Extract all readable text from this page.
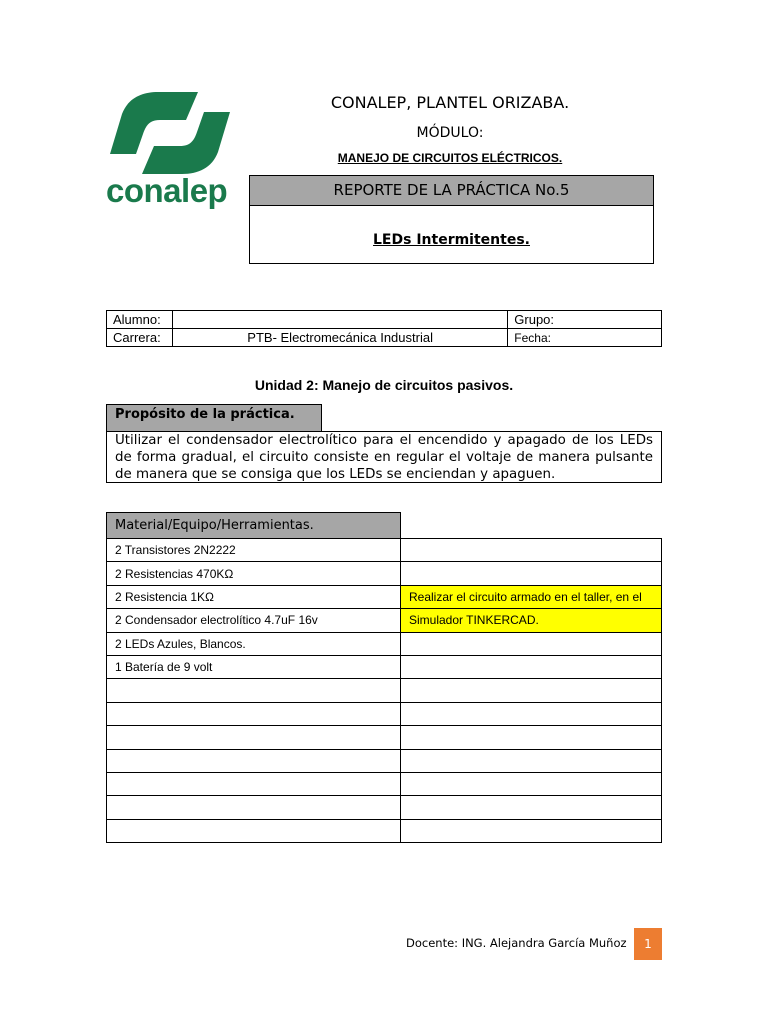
conalep
CONALEP, PLANTEL ORIZABA.
MÓDULO:
MANEJO DE CIRCUITOS ELÉCTRICOS.
REPORTE DE LA PRÁCTICA No.5
LEDs Intermitentes.
Alumno:		Grupo:
Carrera:	PTB- Electromecánica Industrial	Fecha:
Unidad 2: Manejo de circuitos pasivos.
Propósito de la práctica.
Utilizar el condensador electrolítico para el encendido y apagado de los LEDs de forma gradual, el circuito consiste en regular el voltaje de manera pulsante de manera que se consiga que los LEDs se enciendan y apaguen.
Material/Equipo/Herramientas.	
2 Transistores 2N2222	
2 Resistencias 470KΩ	
2 Resistencia 1KΩ	Realizar el circuito armado en el taller, en el
2 Condensador electrolítico 4.7uF 16v	Simulador TINKERCAD.
2 LEDs Azules, Blancos.	
1 Batería de 9 volt	

Docente: ING. Alejandra García Muñoz	1
